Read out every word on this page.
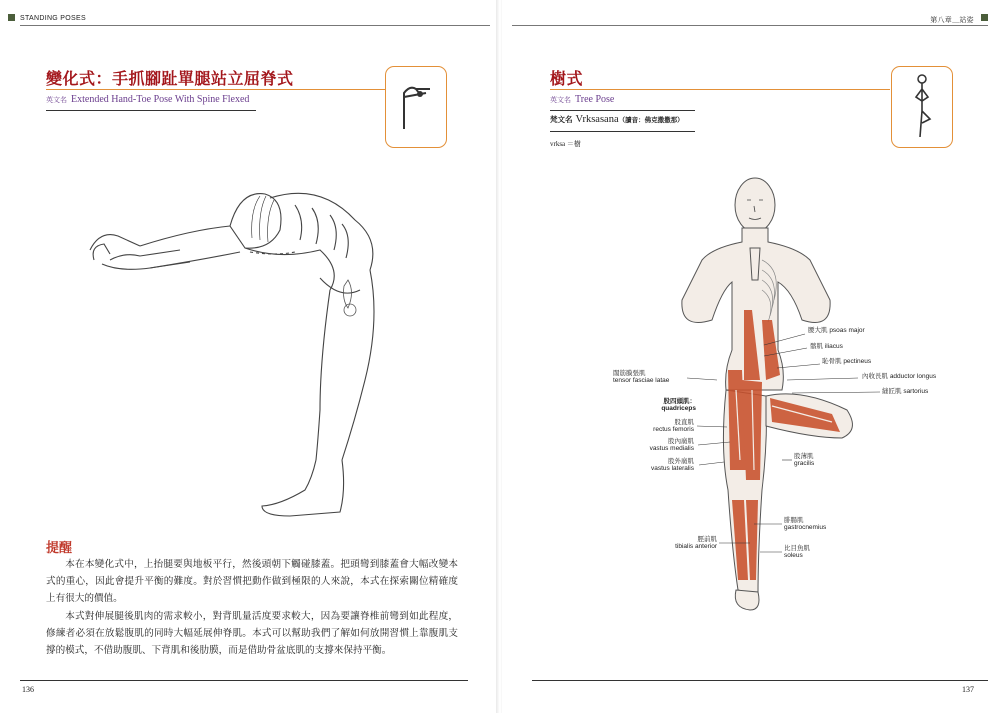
STANDING POSES
變化式：手抓腳趾單腿站立屈脊式
英文名 Extended Hand-Toe Pose With Spine Flexed
提醒
本在本變化式中，上抬腿要與地板平行，然後頭朝下觸碰膝蓋。把頭彎到膝蓋會大幅改變本式的重心，因此會提升平衡的難度。對於習慣把動作做到極限的人來說，本式在探索關位精確度上有很大的價值。
本式對伸展腿後肌肉的需求較小，對背肌量活度要求較大，因為要讓脊椎前彎到如此程度，修練者必須在放鬆腹肌的同時大幅延展伸脊肌。本式可以幫助我們了解如何放開習慣上靠腹肌支撐的模式，不借助腹肌、下背肌和後肋膜，而是借助骨盆底肌的支撐來保持平衡。
136
第八章＿站姿
樹式
英文名 Tree Pose
梵文名 Vrksasana（讀音：佛克撒撒那）
vrksa ＝樹
腰大肌 psoas major
髂肌 iliacus
恥骨肌 pectineus
內收長肌 adductor longus
縫匠肌 sartorius
闊筋膜張肌
tensor fasciae latae
股四頭肌：
quadriceps
股直肌
rectus femoris
股內廣肌
vastus medialis
股外廣肌
vastus lateralis
股薄肌
gracilis
腓腸肌
gastrocnemius
脛前肌
tibialis anterior	比目魚肌
soleus
137
